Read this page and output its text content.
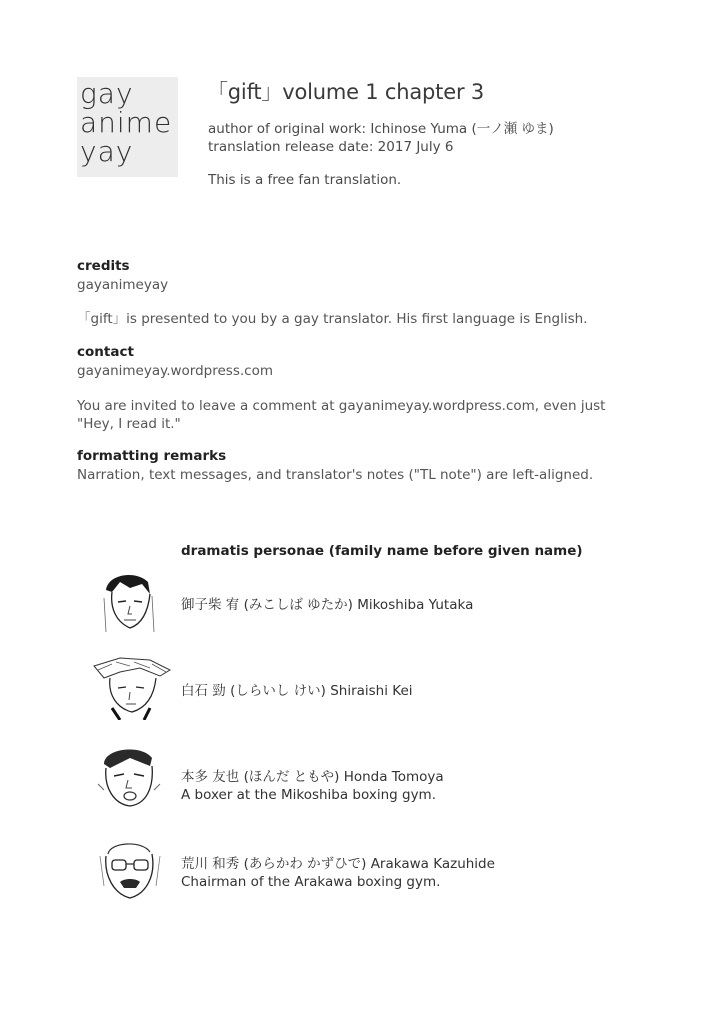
gay
anime
yay
「gift」volume 1 chapter 3
author of original work: Ichinose Yuma (一ノ瀬 ゆま)
translation release date: 2017 July 6
This is a free fan translation.
credits
gayanimeyay
「gift」is presented to you by a gay translator. His first language is English.
contact
gayanimeyay.wordpress.com
You are invited to leave a comment at gayanimeyay.wordpress.com, even just
"Hey, I read it."
formatting remarks
Narration, text messages, and translator's notes ("TL note") are left-aligned.
dramatis personae (family name before given name)
御子柴 宥 (みこしば ゆたか) Mikoshiba Yutaka
白石 勁 (しらいし けい) Shiraishi Kei
本多 友也 (ほんだ ともや) Honda Tomoya
A boxer at the Mikoshiba boxing gym.
荒川 和秀 (あらかわ かずひで) Arakawa Kazuhide
Chairman of the Arakawa boxing gym.
